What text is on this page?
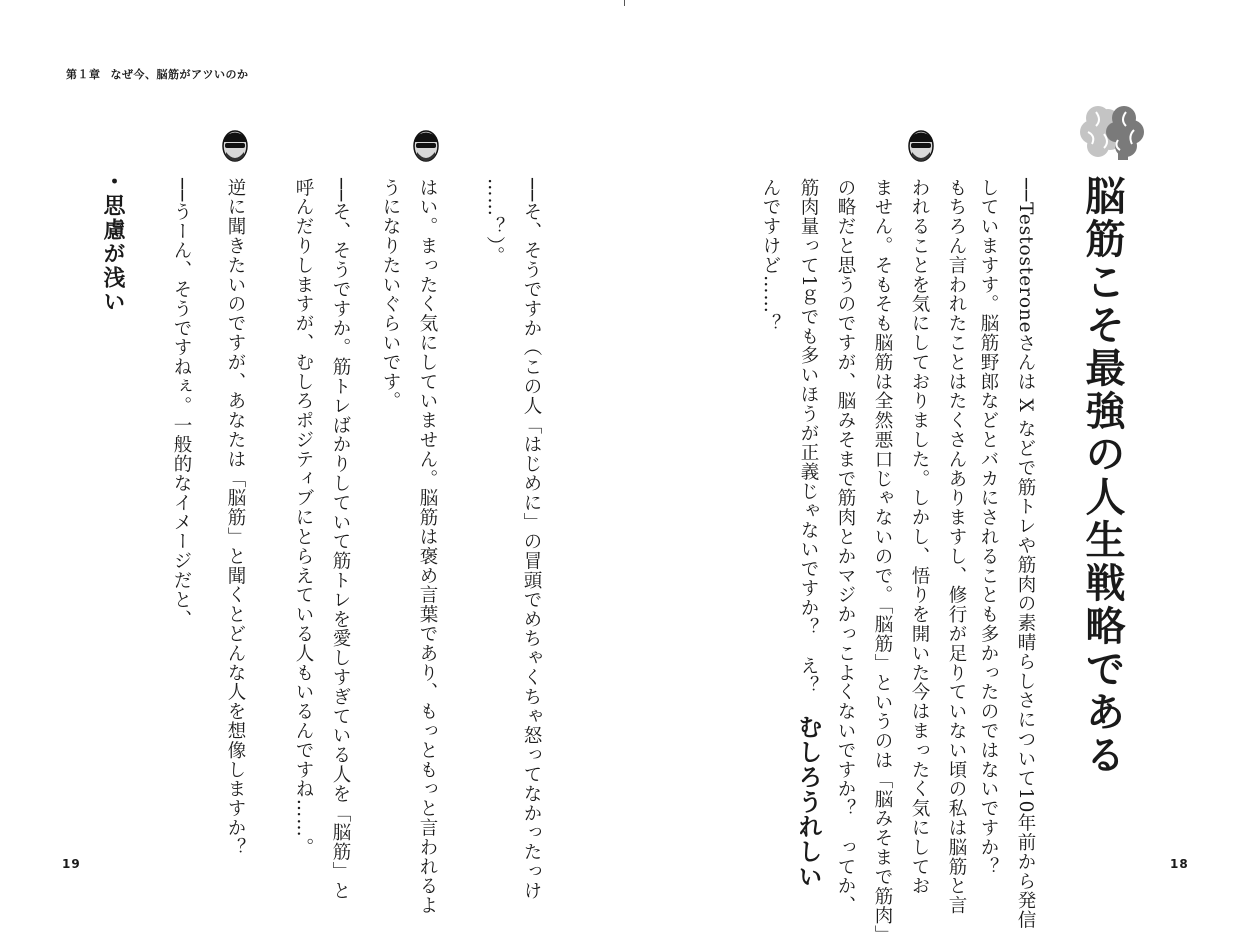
第１章 なぜ今、脳筋がアツいのか
脳筋こそ最強の人生戦略である
──Testosteroneさんは X などで筋トレや筋肉の素晴らしさについて10年前から発信
していますす。脳筋野郎などとバカにされることも多かったのではないですか？
もちろん言われたことはたくさんありますし、修行が足りていない頃の私は脳筋と言
われることを気にしておりました。しかし、悟りを開いた今はまったく気にしてお
ません。そもそも脳筋は全然悪口じゃないので。「脳筋」というのは「脳みそまで筋肉」
の略だと思うのですが、脳みそまで筋肉とかマジかっこよくないですか？　ってか、
筋肉量って1ｇでも多いほうが正義じゃないですか？　え？　むしろうれしい
んですけど……？
18
──そ、そうですか（この人「はじめに」の冒頭でめちゃくちゃ怒ってなかったっけ
……？）。
はい。まったく気にしていません。脳筋は褒め言葉であり、もっともっと言われるよ
うになりたいぐらいです。
──そ、そうですか。筋トレばかりしていて筋トレを愛しすぎている人を「脳筋」と
呼んだりしますが、むしろポジティブにとらえている人もいるんですね……。
逆に聞きたいのですが、あなたは「脳筋」と聞くとどんな人を想像しますか？
──うーん、そうですねぇ。一般的なイメージだと、
・思慮が浅い
19
